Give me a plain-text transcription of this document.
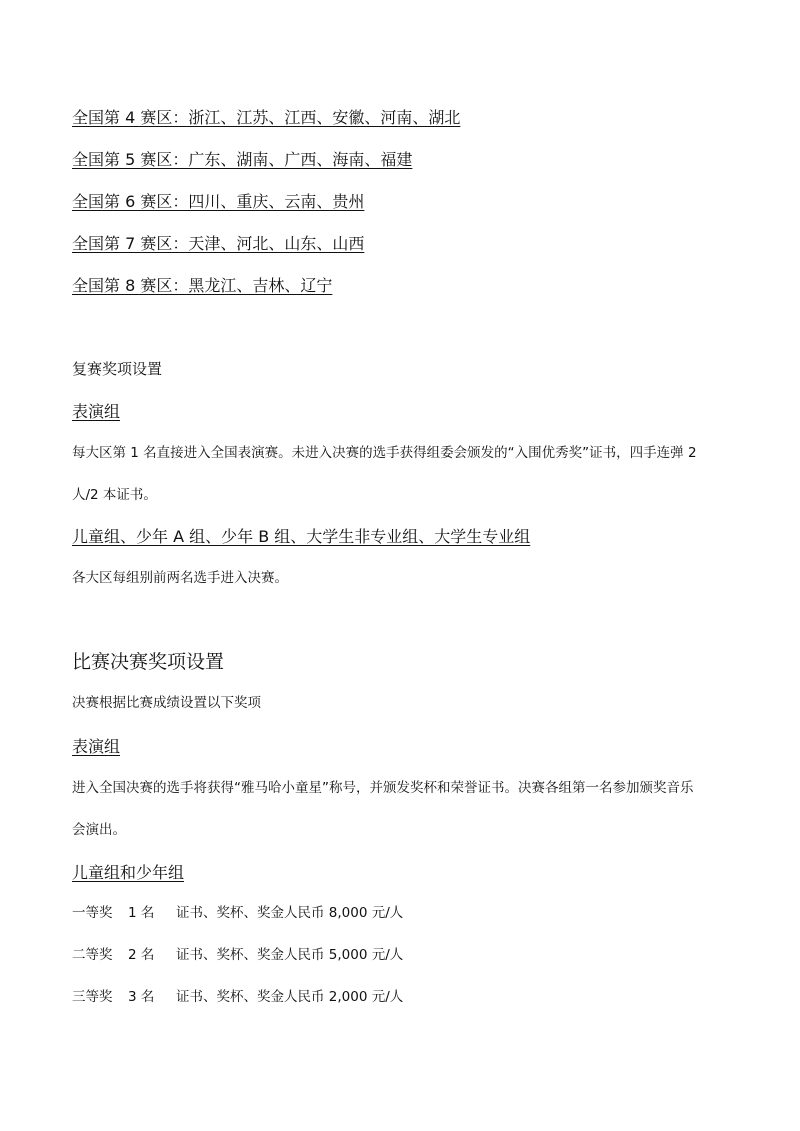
全国第 4 赛区：浙江、江苏、江西、安徽、河南、湖北
全国第 5 赛区：广东、湖南、广西、海南、福建
全国第 6 赛区：四川、重庆、云南、贵州
全国第 7 赛区：天津、河北、山东、山西
全国第 8 赛区：黑龙江、吉林、辽宁
复赛奖项设置
表演组
每大区第 1 名直接进入全国表演赛。未进入决赛的选手获得组委会颁发的“入围优秀奖”证书，四手连弹 2
人/2 本证书。
儿童组、少年 A 组、少年 B 组、大学生非专业组、大学生专业组
各大区每组别前两名选手进入决赛。
比赛决赛奖项设置
决赛根据比赛成绩设置以下奖项
表演组
进入全国决赛的选手将获得“雅马哈小童星”称号，并颁发奖杯和荣誉证书。决赛各组第一名参加颁奖音乐
会演出。
儿童组和少年组
一等奖 1 名 证书、奖杯、奖金人民币 8,000 元/人
二等奖 2 名 证书、奖杯、奖金人民币 5,000 元/人
三等奖 3 名 证书、奖杯、奖金人民币 2,000 元/人
